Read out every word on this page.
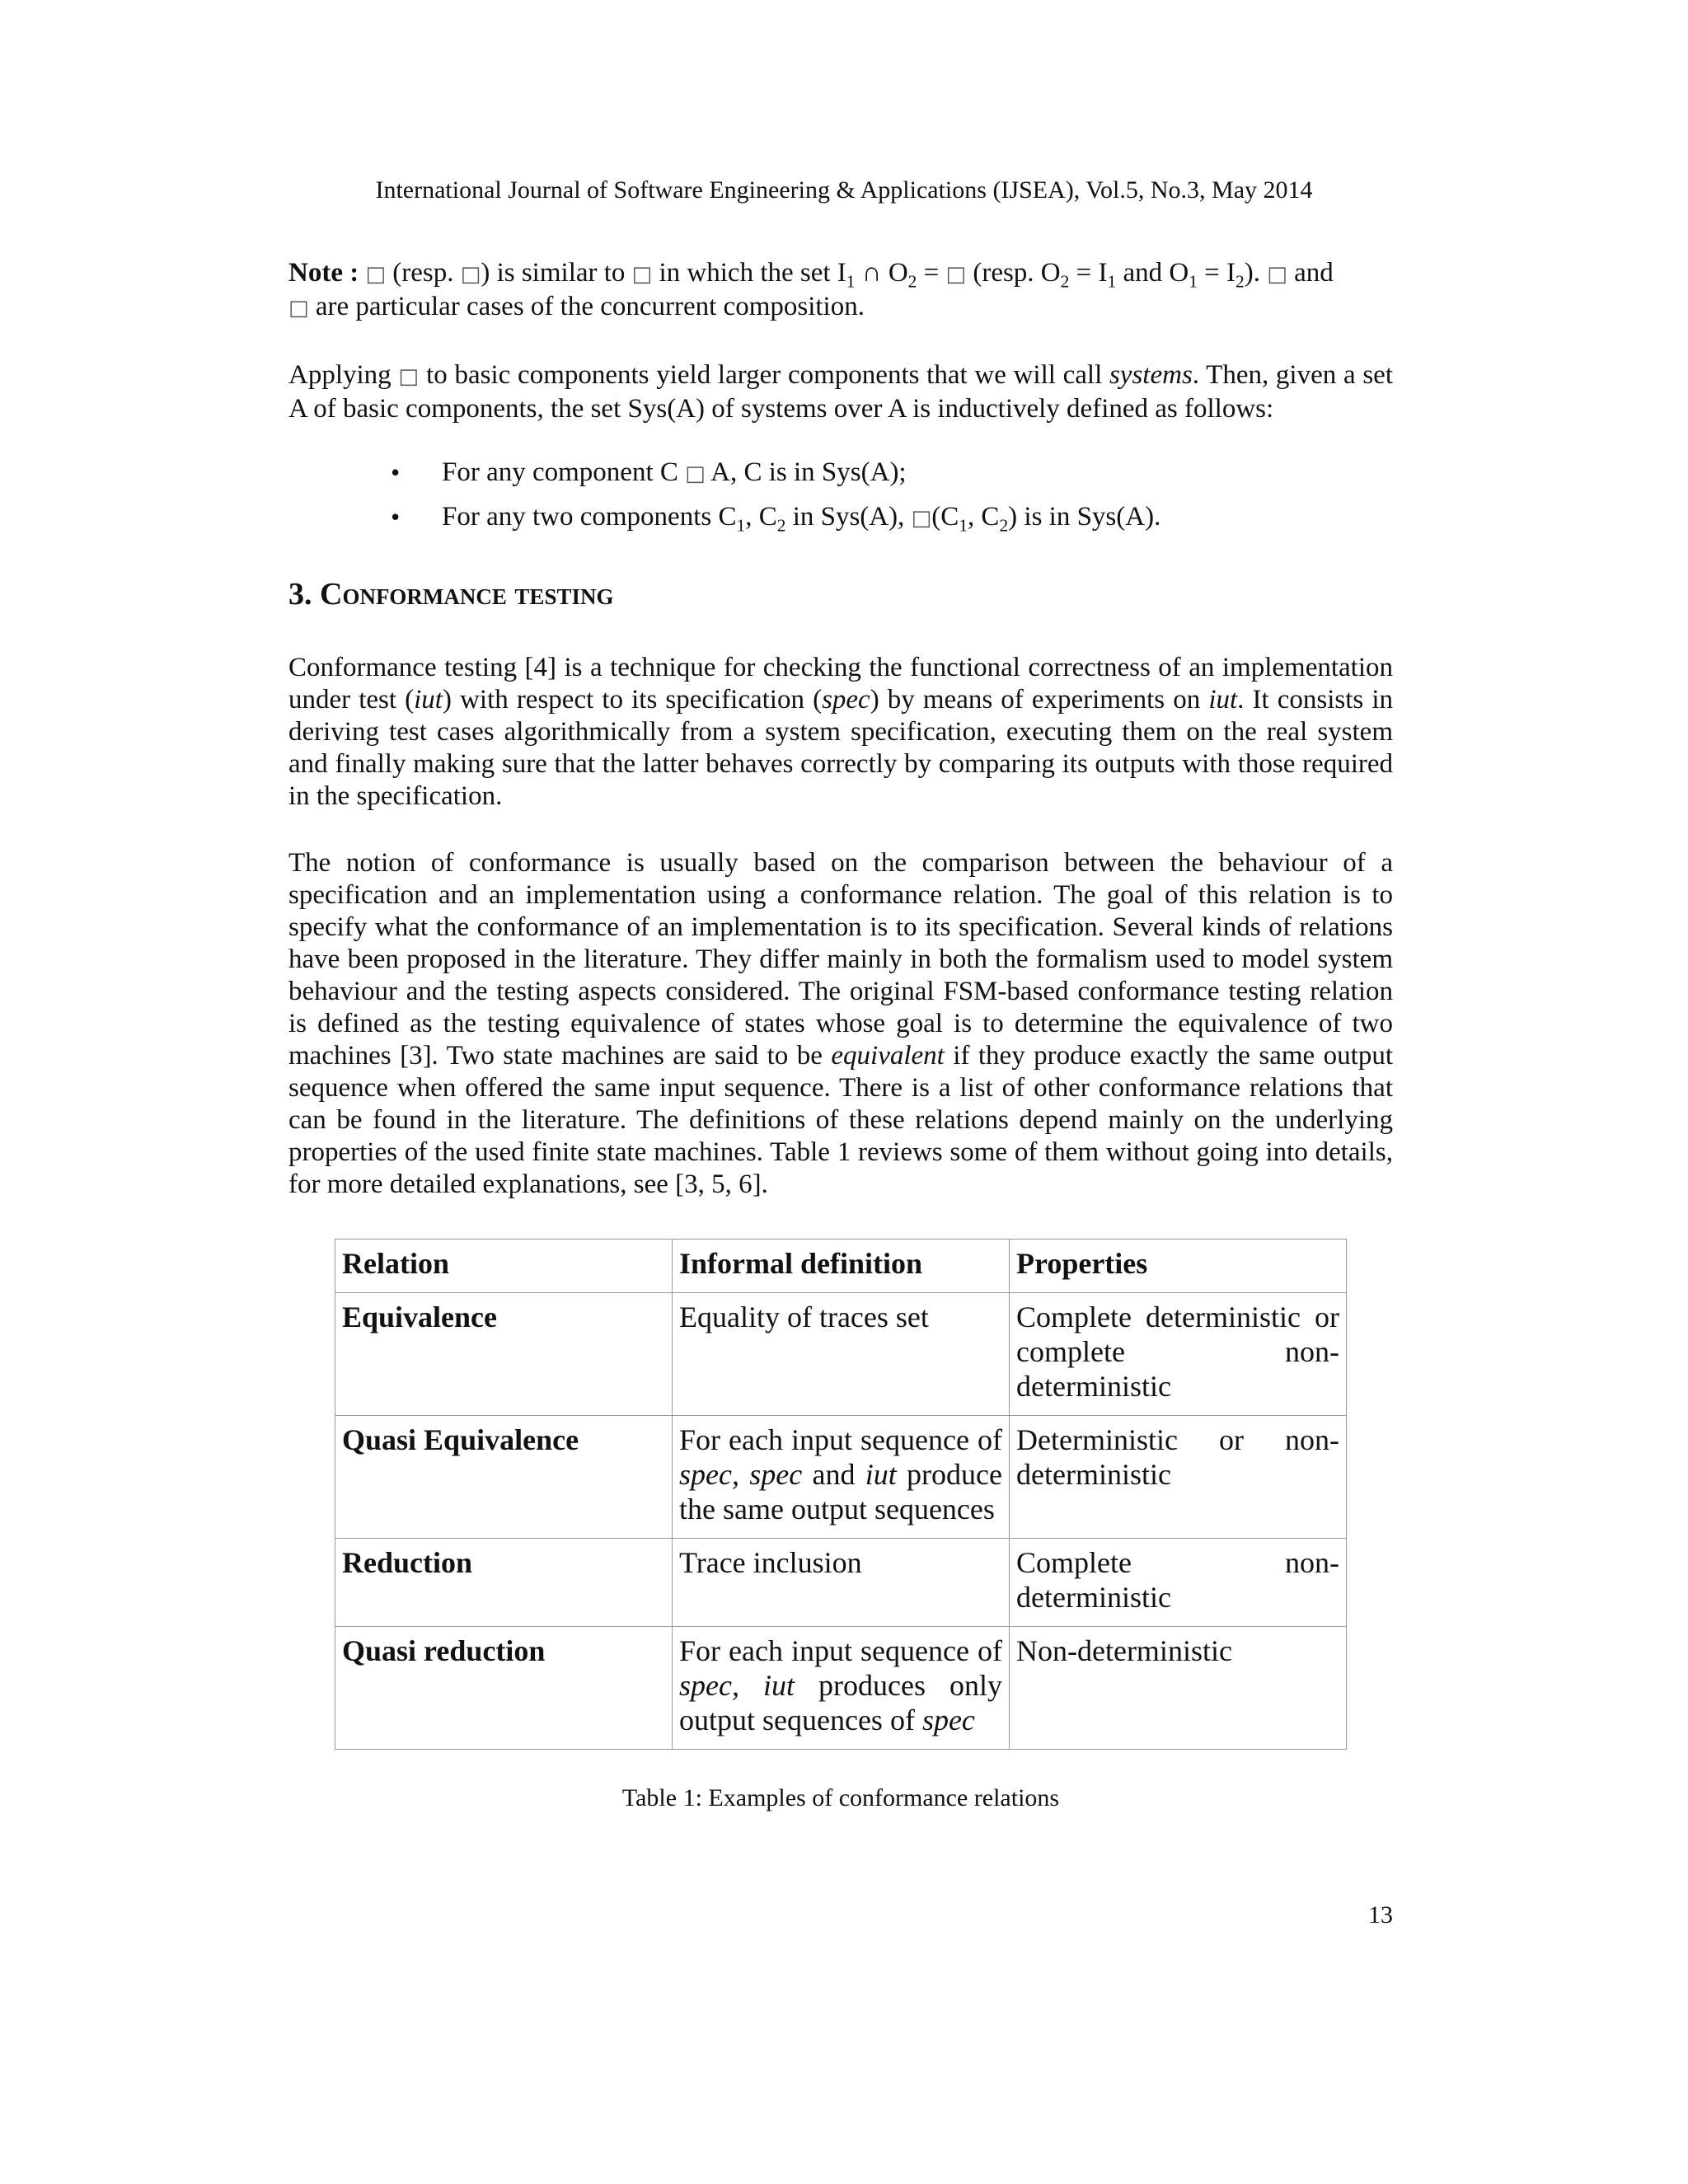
International Journal of Software Engineering & Applications (IJSEA), Vol.5, No.3, May 2014

Note : □ (resp. □) is similar to □ in which the set $I_1$ ∩ $O_2$ = □ (resp. $O_2 = I_1$ and $O_1 = I_2$). □ and
□ are particular cases of the concurrent composition.

Applying □ to basic components yield larger components that we will call systems. Then, given a set A of basic components, the set Sys(A) of systems over A is inductively defined as follows:

• For any component C □ A, C is in Sys(A);
• For any two components $C_1$, $C_2$ in Sys(A), $□(C_1$, $C_2$) is in Sys(A).
3. Conformance testing

Conformance testing [4] is a technique for checking the functional correctness of an implementation under test (iut) with respect to its specification (spec) by means of experiments on iut. It consists in deriving test cases algorithmically from a system specification, executing them on the real system and finally making sure that the latter behaves correctly by comparing its outputs with those required in the specification.

The notion of conformance is usually based on the comparison between the behaviour of a specification and an implementation using a conformance relation. The goal of this relation is to specify what the conformance of an implementation is to its specification. Several kinds of relations have been proposed in the literature. They differ mainly in both the formalism used to model system behaviour and the testing aspects considered. The original FSM-based conformance testing relation is defined as the testing equivalence of states whose goal is to determine the equivalence of two machines [3]. Two state machines are said to be equivalent if they produce exactly the same output sequence when offered the same input sequence. There is a list of other conformance relations that can be found in the literature. The definitions of these relations depend mainly on the underlying properties of the used finite state machines. Table 1 reviews some of them without going into details, for more detailed explanations, see [3, 5, 6].

Relation	Informal definition	Properties
Equivalence	Equality of traces set	Complete deterministic or complete non-deterministic
Quasi Equivalence	For each input sequence of spec, spec and iut produce the same output sequences	Deterministic or non-deterministic
Reduction	Trace inclusion	Complete non-deterministic
Quasi reduction	For each input sequence of spec, iut produces only output sequences of spec	Non-deterministic
Table 1: Examples of conformance relations
13
